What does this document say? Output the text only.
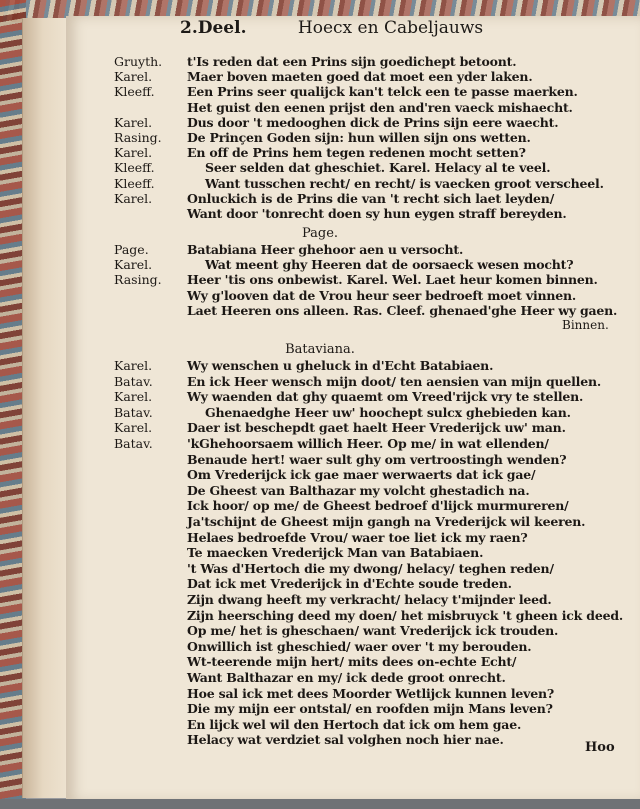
2.Deel.	Hoecx en Cabeljauws
Gruyth. t'Is reden dat een Prins sijn goedichept betoont.
Karel.	Maer boven maeten goed dat moet een yder laken.
Kleeff.	Een Prins seer qualijck kan't telck een te passe maerken.
Het guist den eenen prijst den and'ren vaeck mishaecht.
Karel.	Dus door 't medooghen dick de Prins sijn eere waecht.
Rasing. De Prinçen Goden sijn: hun willen sijn ons wetten.
Karel.	En off de Prins hem tegen redenen mocht setten?
Kleeff.	Seer selden dat gheschiet. Karel. Helacy al te veel.
Kleeff.	Want tusschen recht/ en recht/ is vaecken groot verscheel.
Karel.	Onluckich is de Prins die van 't recht sich laet leyden/
Want door 'tonrecht doen sy hun eygen straff bereyden.
Page.
Page.	Batabiana Heer ghehoor aen u versocht.
Karel.	Wat meent ghy Heeren dat de oorsaeck wesen mocht?
Rasing. Heer 'tis ons onbewist. Karel. Wel. Laet heur komen binnen.
Wy g'looven dat de Vrou heur seer bedroeft moet vinnen.
Laet Heeren ons alleen. Ras. Cleef. ghenaed'ghe Heer wy gaen.
Binnen.
Bataviana.
Karel.	Wy wenschen u gheluck in d'Echt Batabiaen.
Batav.	En ick Heer wensch mijn doot/ ten aensien van mijn quellen.
Karel.	Wy waenden dat ghy quaemt om Vreed'rijck vry te stellen.
Batav.	Ghenaedghe Heer uw' hoochept sulcx ghebieden kan.
Karel.	Daer ist beschepdt gaet haelt Heer Vrederijck uw' man.
Batav.	'kGhehoorsaem willich Heer. Op me/ in wat ellenden/
Benaude hert! waer sult ghy om vertroostingh wenden?
Om Vrederijck ick gae maer werwaerts dat ick gae/
De Gheest van Balthazar my volcht ghestadich na.
Ick hoor/ op me/ de Gheest bedroef d'lijck murmureren/
Ja'tschijnt de Gheest mijn gangh na Vrederijck wil keeren.
Helaes bedroefde Vrou/ waer toe liet ick my raen?
Te maecken Vrederijck Man van Batabiaen.
't Was d'Hertoch die my dwong/ helacy/ teghen reden/
Dat ick met Vrederijck in d'Echte soude treden.
Zijn dwang heeft my verkracht/ helacy t'mijnder leed.
Zijn heersching deed my doen/ het misbruyck 't gheen ick deed.
Op me/ het is gheschaen/ want Vrederijck ick trouden.
Onwillich ist gheschied/ waer over 't my berouden.
Wt-teerende mijn hert/ mits dees on-echte Echt/
Want Balthazar en my/ ick dede groot onrecht.
Hoe sal ick met dees Moorder Wetlijck kunnen leven?
Die my mijn eer ontstal/ en roofden mijn Mans leven?
En lijck wel wil den Hertoch dat ick om hem gae.
Helacy wat verdziet sal volghen noch hier nae.
Hoo
